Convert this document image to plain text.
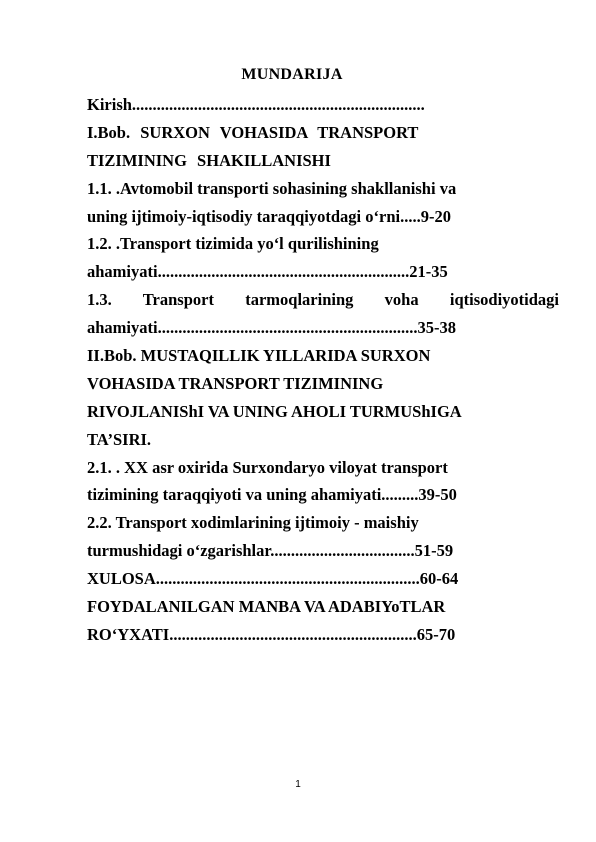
MUNDARIJA
Kirish.......................................................................
I.Bob. SURXON VOHASIDA TRANSPORT
TIZIMINING SHAKILLANISHI
1.1. .Avtomobil transporti sohasining shakllanishi va
uning ijtimoiy-iqtisodiy taraqqiyotdagi o‘rni.....9-20
1.2. .Transport tizimida yo‘l qurilishining
ahamiyati.............................................................21-35
1.3. Transport tarmoqlarining voha iqtisodiyotidagi
ahamiyati...............................................................35-38
II.Bob. MUSTAQILLIK YILLARIDA SURXON
VOHASIDA TRANSPORT TIZIMINING
RIVOJLANIShI VA UNING AHOLI TURMUShIGA
TA’SIRI.
2.1. . XX asr oxirida Surxondaryo viloyat transport
tizimining taraqqiyoti va uning ahamiyati.........39-50
2.2. Transport xodimlarining ijtimoiy - maishiy
turmushidagi o‘zgarishlar...................................51-59
XULOSA................................................................60-64
FOYDALANILGAN MANBA VA ADABIYoTLAR
RO‘YXATI............................................................65-70
1
